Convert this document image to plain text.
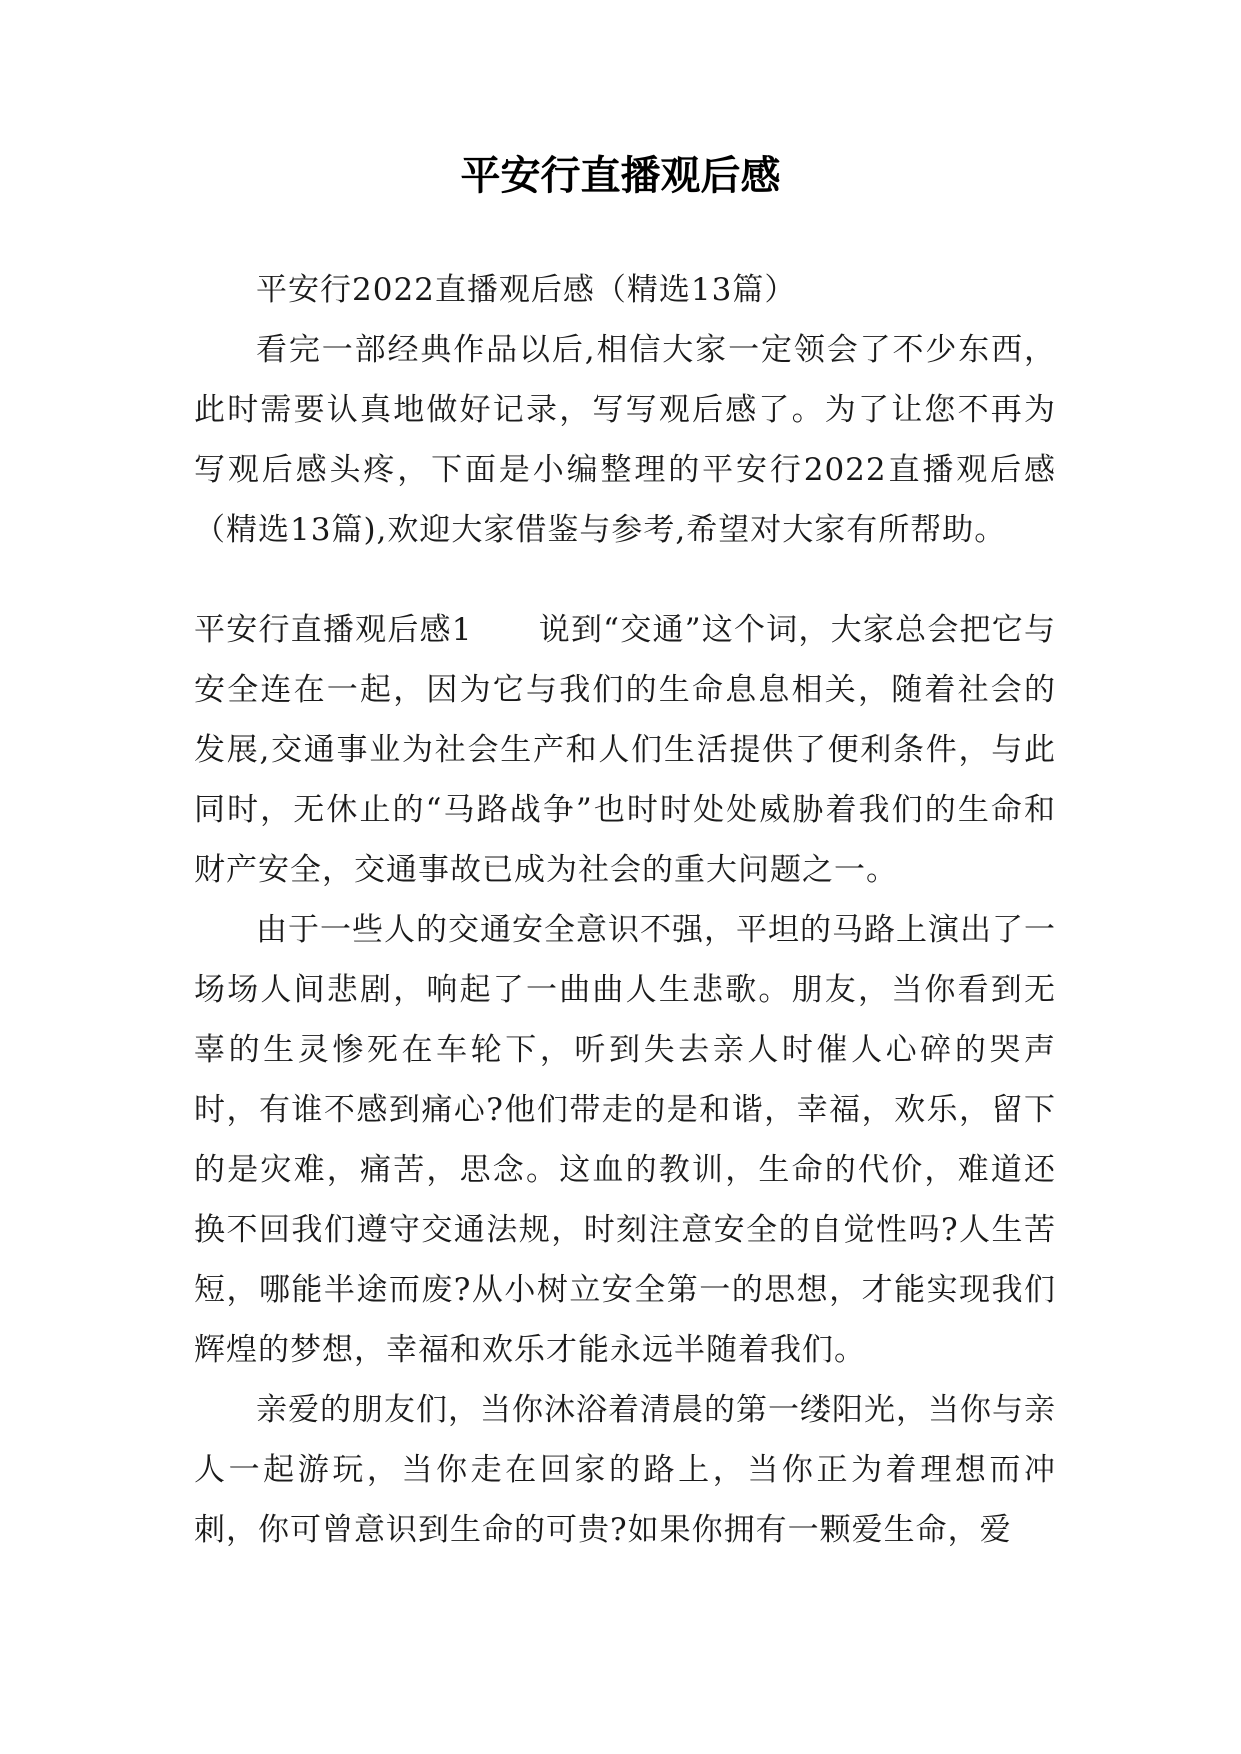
平安行直播观后感

平安行2022直播观后感（精选13篇）

看完一部经典作品以后,相信大家一定领会了不少东西，此时需要认真地做好记录，写写观后感了。为了让您不再为写观后感头疼，下面是小编整理的平安行2022直播观后感（精选13篇),欢迎大家借鉴与参考,希望对大家有所帮助。

平安行直播观后感1 说到“交通”这个词，大家总会把它与安全连在一起，因为它与我们的生命息息相关，随着社会的发展,交通事业为社会生产和人们生活提供了便利条件，与此同时，无休止的“马路战争”也时时处处威胁着我们的生命和财产安全，交通事故已成为社会的重大问题之一。

由于一些人的交通安全意识不强，平坦的马路上演出了一场场人间悲剧，响起了一曲曲人生悲歌。朋友，当你看到无辜的生灵惨死在车轮下，听到失去亲人时催人心碎的哭声时，有谁不感到痛心?他们带走的是和谐，幸福，欢乐，留下的是灾难，痛苦，思念。这血的教训，生命的代价，难道还换不回我们遵守交通法规，时刻注意安全的自觉性吗?人生苦短，哪能半途而废?从小树立安全第一的思想，才能实现我们辉煌的梦想，幸福和欢乐才能永远半随着我们。

亲爱的朋友们，当你沐浴着清晨的第一缕阳光，当你与亲人一起游玩，当你走在回家的路上，当你正为着理想而冲刺，你可曾意识到生命的可贵?如果你拥有一颗爱生命，爱
